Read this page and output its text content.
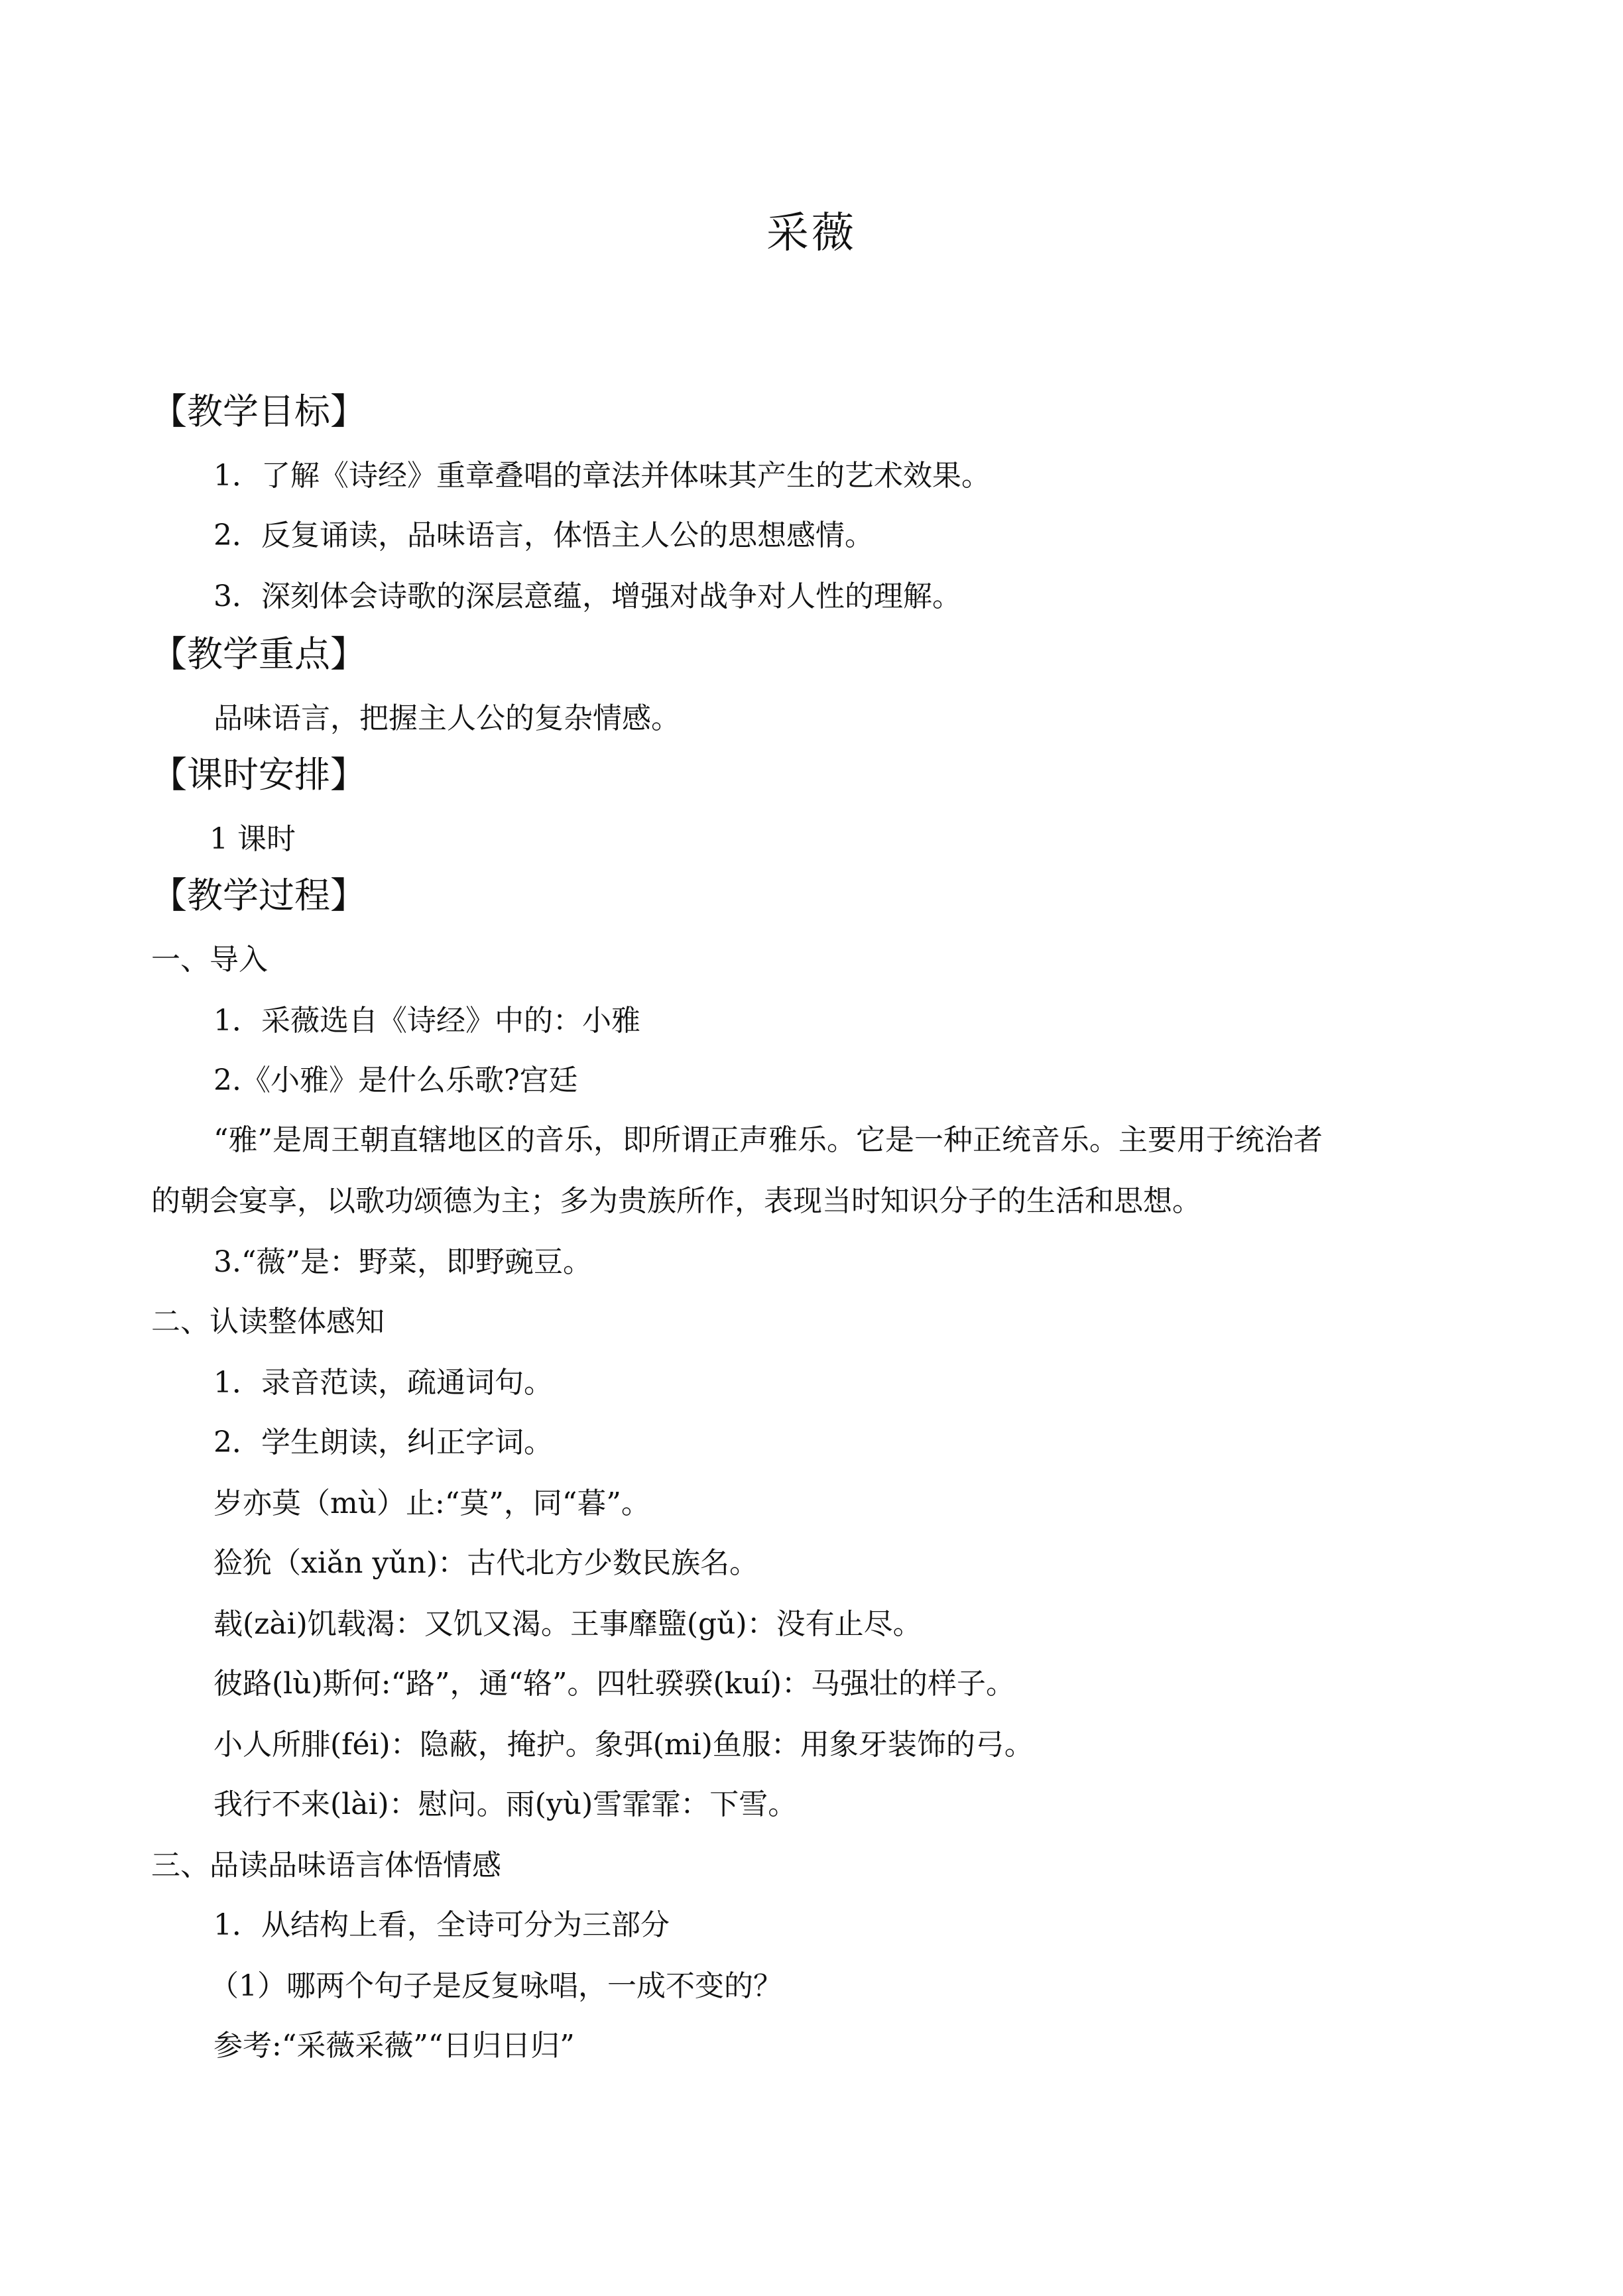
采薇
【教学目标】
1．了解《诗经》重章叠唱的章法并体味其产生的艺术效果。
2．反复诵读，品味语言，体悟主人公的思想感情。
3．深刻体会诗歌的深层意蕴，增强对战争对人性的理解。
【教学重点】
品味语言，把握主人公的复杂情感。
【课时安排】
1 课时
【教学过程】
一、导入
1．采薇选自《诗经》中的：小雅
2.《小雅》是什么乐歌?宫廷
“雅”是周王朝直辖地区的音乐，即所谓正声雅乐。它是一种正统音乐。主要用于统治者
的朝会宴享，以歌功颂德为主；多为贵族所作，表现当时知识分子的生活和思想。
3.“薇”是：野菜，即野豌豆。
二、认读整体感知
1．录音范读，疏通词句。
2．学生朗读，纠正字词。
岁亦莫（mù）止:“莫”，同“暮”。
猃狁（xiǎn yǔn)：古代北方少数民族名。
载(zài)饥载渴：又饥又渴。王事靡盬(gǔ)：没有止尽。
彼路(lù)斯何:“路”，通“辂”。四牡骙骙(kuí)：马强壮的样子。
小人所腓(féi)：隐蔽，掩护。象弭(mi)鱼服：用象牙装饰的弓。
我行不来(lài)：慰问。雨(yù)雪霏霏：下雪。
三、品读品味语言体悟情感
1．从结构上看，全诗可分为三部分
（1）哪两个句子是反复咏唱，一成不变的？
参考:“采薇采薇”“日归日归”
